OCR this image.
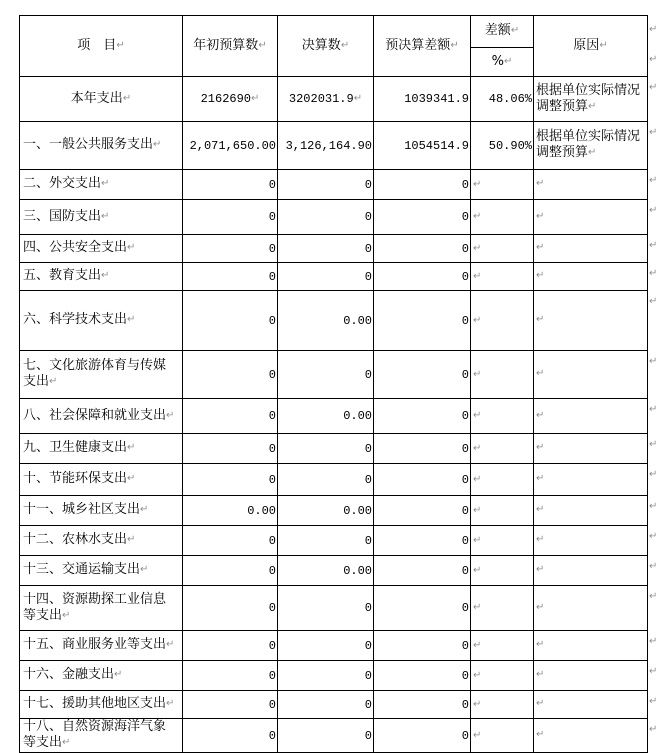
项　目↵	年初预算数↵	决算数↵	预决算差额↵	差额↵	原因↵
				%↵	
本年支出↵	2162690↵	3202031.9↵	1039341.9	48.06%	根据单位实际情况调整预算↵
一、一般公共服务支出↵	2,071,650.00	3,126,164.90	1054514.9	50.90%	根据单位实际情况调整预算↵
二、外交支出↵	0	0	0	↵	↵
三、国防支出↵	0	0	0	↵	↵
四、公共安全支出↵	0	0	0	↵	↵
五、教育支出↵	0	0	0	↵	↵
六、科学技术支出↵	0	0.00	0	↵	↵
七、文化旅游体育与传媒支出↵	0	0	0	↵	↵
八、社会保障和就业支出↵	0	0.00	0	↵	↵
九、卫生健康支出↵	0	0	0	↵	↵
十、节能环保支出↵	0	0	0	↵	↵
十一、城乡社区支出↵	0.00	0.00	0	↵	↵
十二、农林水支出↵	0	0	0	↵	↵
十三、交通运输支出↵	0	0.00	0	↵	↵
十四、资源勘探工业信息等支出↵	0	0	0	↵	↵
十五、商业服务业等支出↵	0	0	0	↵	↵
十六、金融支出↵	0	0	0	↵	↵
十七、援助其他地区支出↵	0	0	0	↵	↵
十八、自然资源海洋气象等支出↵	0	0	0	↵	↵
↵
↵
↵
↵
↵
↵
↵
↵
↵
↵
↵
↵
↵
↵
↵
↵
↵
↵
↵
↵
↵
